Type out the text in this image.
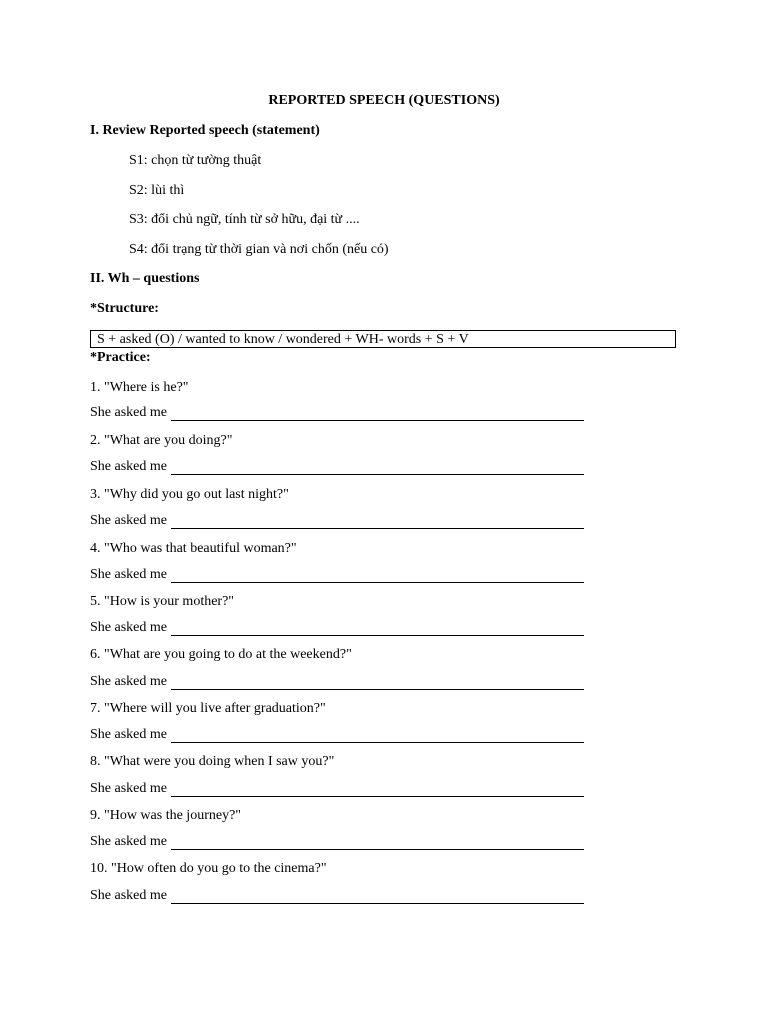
REPORTED SPEECH (QUESTIONS)
I. Review Reported speech (statement)
S1: chọn từ tường thuật
S2: lùi thì
S3: đổi chủ ngữ, tính từ sở hữu, đại từ ....
S4: đổi trạng từ thời gian và nơi chốn (nếu có)
II. Wh – questions
*Structure:
S + asked (O) / wanted to know / wondered + WH- words + S + V
*Practice:
1. "Where is he?"
She asked me
2. "What are you doing?"
She asked me
3. "Why did you go out last night?"
She asked me
4. "Who was that beautiful woman?"
She asked me
5. "How is your mother?"
She asked me
6. "What are you going to do at the weekend?"
She asked me
7. "Where will you live after graduation?"
She asked me
8. "What were you doing when I saw you?"
She asked me
9. "How was the journey?"
She asked me
10. "How often do you go to the cinema?"
She asked me
